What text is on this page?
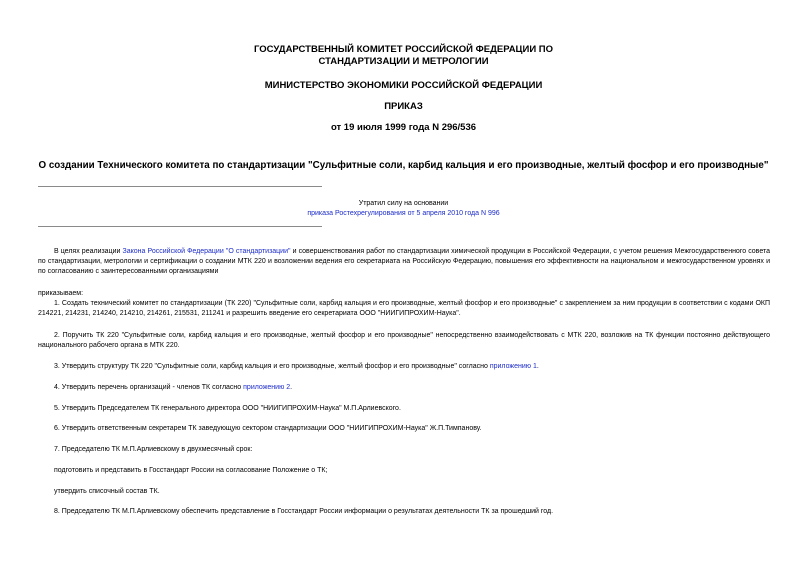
ГОСУДАРСТВЕННЫЙ КОМИТЕТ РОССИЙСКОЙ ФЕДЕРАЦИИ ПО
СТАНДАРТИЗАЦИИ И МЕТРОЛОГИИ
МИНИСТЕРСТВО ЭКОНОМИКИ РОССИЙСКОЙ ФЕДЕРАЦИИ
ПРИКАЗ
от 19 июля 1999 года N 296/536
О создании Технического комитета по стандартизации "Сульфитные соли, карбид кальция и его производные, желтый фосфор и его производные"
Утратил силу на основании
приказа Ростехрегулирования от 5 апреля 2010 года N 996
В целях реализации Закона Российской Федерации "О стандартизации" и совершенствования работ по стандартизации химической продукции в Российской Федерации, с учетом решения Межгосударственного совета по стандартизации, метрологии и сертификации о создании МТК 220 и возложении ведения его секретариата на Российскую Федерацию, повышения его эффективности на национальном и межгосударственном уровнях и по согласованию с заинтересованными организациями
приказываем:
1. Создать технический комитет по стандартизации (ТК 220) "Сульфитные соли, карбид кальция и его производные, желтый фосфор и его производные" с закреплением за ним продукции в соответствии с кодами ОКП 214221, 214231, 214240, 214210, 214261, 215531, 211241 и разрешить введение его секретариата ООО "НИИГИПРОХИМ-Наука".
2. Поручить ТК 220 "Сульфитные соли, карбид кальция и его производные, желтый фосфор и его производные" непосредственно взаимодействовать с МТК 220, возложив на ТК функции постоянно действующего национального рабочего органа в МТК 220.
3. Утвердить структуру ТК 220 "Сульфитные соли, карбид кальция и его производные, желтый фосфор и его производные" согласно приложению 1.
4. Утвердить перечень организаций - членов ТК согласно приложению 2.
5. Утвердить Председателем ТК генерального директора ООО "НИИГИПРОХИМ-Наука" М.П.Арлиевского.
6. Утвердить ответственным секретарем ТК заведующую сектором стандартизации ООО "НИИГИПРОХИМ-Наука" Ж.П.Тимпанову.
7. Председателю ТК М.П.Арлиевскому в двухмесячный срок:
подготовить и представить в Госстандарт России на согласование Положение о ТК;
утвердить списочный состав ТК.
8. Председателю ТК М.П.Арлиевскому обеспечить представление в Госстандарт России информации о результатах деятельности ТК за прошедший год.
